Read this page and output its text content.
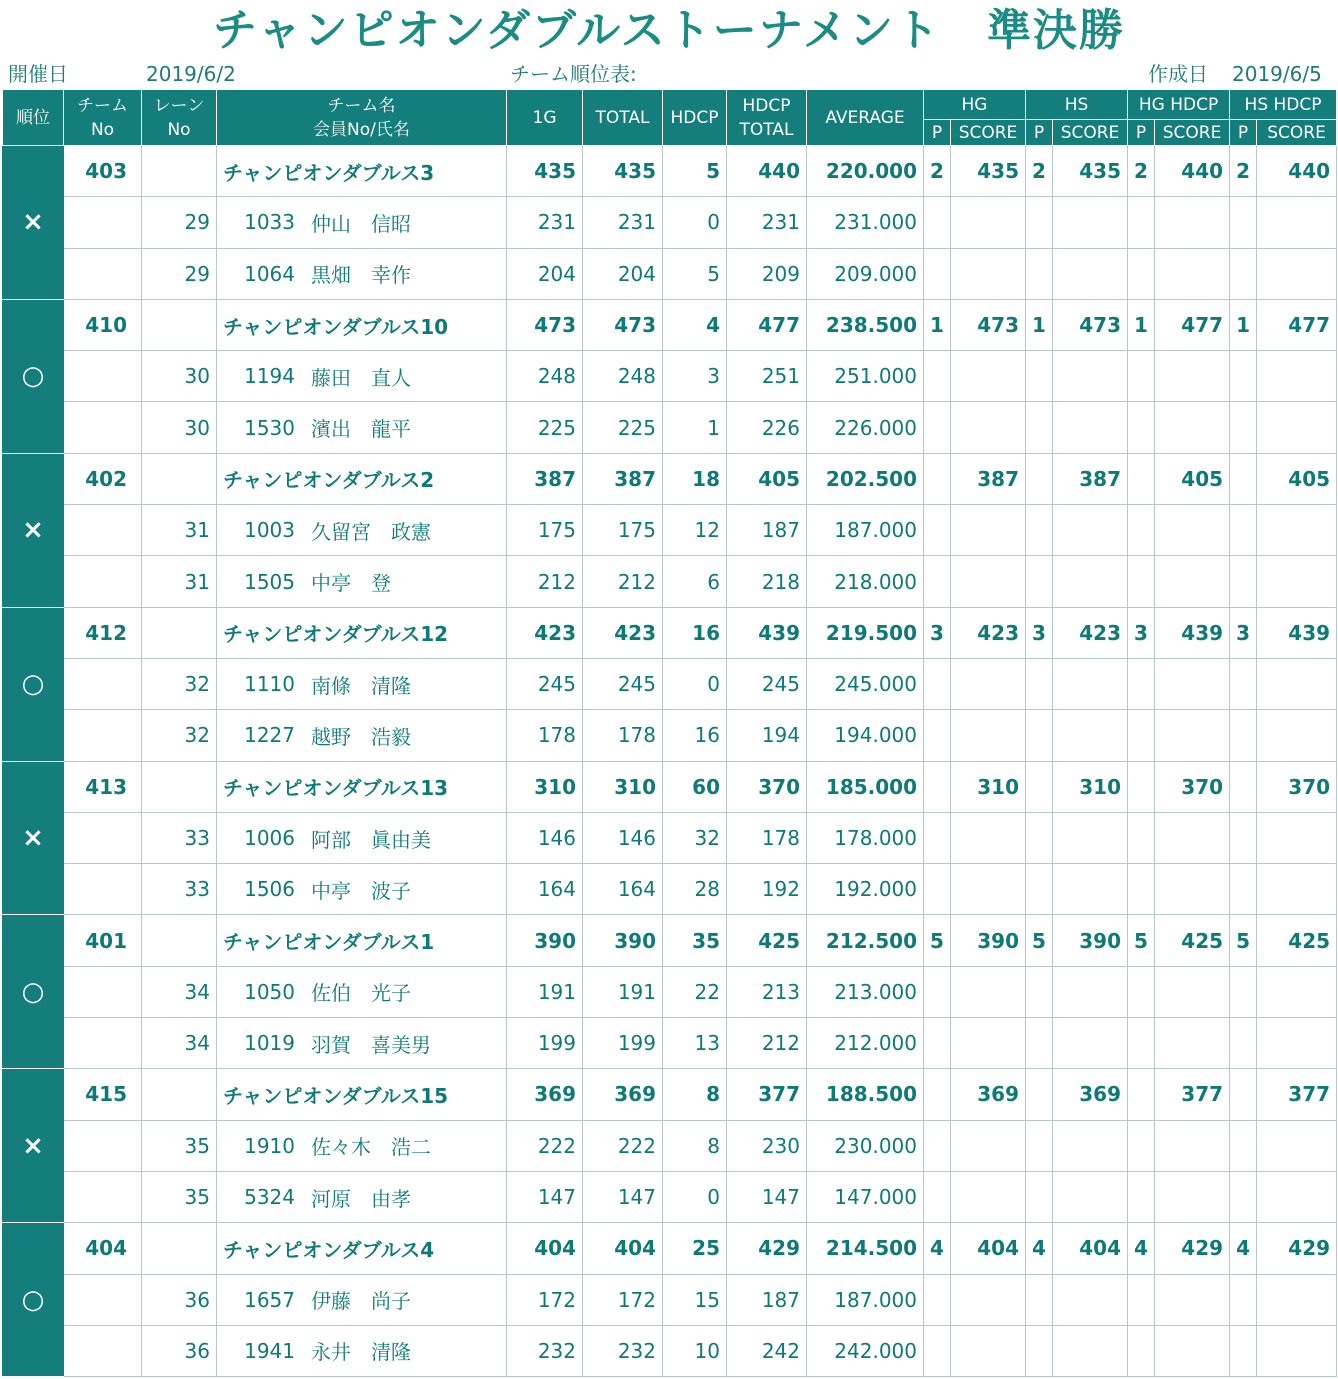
チャンピオンダブルストーナメント　準決勝
開催日	2019/6/2	チーム順位表:	作成日 2019/6/5
順位	チーム
No	レーン
No	チーム名
会員No/氏名	1G	TOTAL	HDCP	HDCP
TOTAL	AVERAGE	HG		HS		HG HDCP		HS HDCP	
									P	SCORE	P	SCORE	P	SCORE	P	SCORE
×	403		チャンピオンダブルス3	435	435	5	440	220.000	2	435	2	435	2	440	2	440
		29	1033 仲山　信昭	231	231	0	231	231.000								
		29	1064 黒畑　幸作	204	204	5	209	209.000								
○	410		チャンピオンダブルス10	473	473	4	477	238.500	1	473	1	473	1	477	1	477
		30	1194 藤田　直人	248	248	3	251	251.000								
		30	1530 濱出　龍平	225	225	1	226	226.000								
×	402		チャンピオンダブルス2	387	387	18	405	202.500		387		387		405		405
		31	1003 久留宮　政憲	175	175	12	187	187.000								
		31	1505 中亭　登	212	212	6	218	218.000								
○	412		チャンピオンダブルス12	423	423	16	439	219.500	3	423	3	423	3	439	3	439
		32	1110 南條　清隆	245	245	0	245	245.000								
		32	1227 越野　浩毅	178	178	16	194	194.000								
×	413		チャンピオンダブルス13	310	310	60	370	185.000		310		310		370		370
		33	1006 阿部　眞由美	146	146	32	178	178.000								
		33	1506 中亭　波子	164	164	28	192	192.000								
○	401		チャンピオンダブルス1	390	390	35	425	212.500	5	390	5	390	5	425	5	425
		34	1050 佐伯　光子	191	191	22	213	213.000								
		34	1019 羽賀　喜美男	199	199	13	212	212.000								
×	415		チャンピオンダブルス15	369	369	8	377	188.500		369		369		377		377
		35	1910 佐々木　浩二	222	222	8	230	230.000								
		35	5324 河原　由孝	147	147	0	147	147.000								
○	404		チャンピオンダブルス4	404	404	25	429	214.500	4	404	4	404	4	429	4	429
		36	1657 伊藤　尚子	172	172	15	187	187.000								
		36	1941 永井　清隆	232	232	10	242	242.000								
